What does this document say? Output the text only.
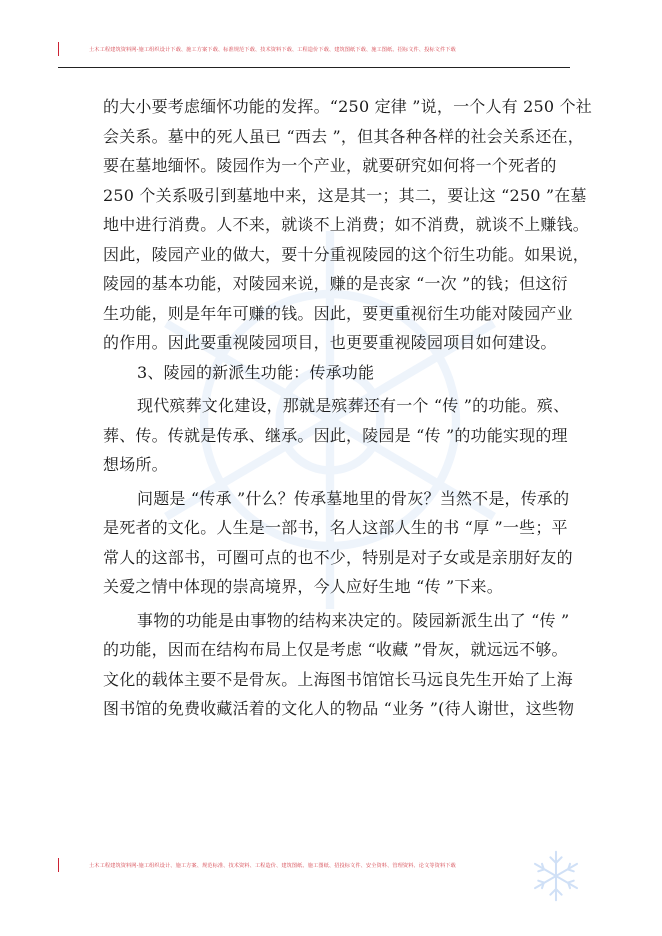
土木工程建筑资料网-施工组织设计下载、施工方案下载、标准规范下载、技术资料下载、工程造价下载、建筑图纸下载、施工图纸、招标文件、投标文件下载
的大小要考虑缅怀功能的发挥。“250 定律 ”说，一个人有 250 个社
会关系。墓中的死人虽已 “西去 ”，但其各种各样的社会关系还在，
要在墓地缅怀。陵园作为一个产业，就要研究如何将一个死者的
250 个关系吸引到墓地中来，这是其一；其二，要让这 “250 ”在墓
地中进行消费。人不来，就谈不上消费；如不消费，就谈不上赚钱。
因此，陵园产业的做大，要十分重视陵园的这个衍生功能。如果说，
陵园的基本功能，对陵园来说，赚的是丧家 “一次 ”的钱；但这衍
生功能，则是年年可赚的钱。因此，要更重视衍生功能对陵园产业
的作用。因此要重视陵园项目，也更要重视陵园项目如何建设。
3、陵园的新派生功能：传承功能
现代殡葬文化建设，那就是殡葬还有一个 “传 ”的功能。殡、
葬、传。传就是传承、继承。因此，陵园是 “传 ”的功能实现的理
想场所。
问题是 “传承 ”什么？传承墓地里的骨灰？当然不是，传承的
是死者的文化。人生是一部书，名人这部人生的书 “厚 ”一些；平
常人的这部书，可圈可点的也不少，特别是对子女或是亲朋好友的
关爱之情中体现的崇高境界，今人应好生地 “传 ”下来。
事物的功能是由事物的结构来决定的。陵园新派生出了 “传 ”
的功能，因而在结构布局上仅是考虑 “收藏 ”骨灰，就远远不够。
文化的载体主要不是骨灰。上海图书馆馆长马远良先生开始了上海
图书馆的免费收藏活着的文化人的物品 “业务 ”(待人谢世，这些物
土木工程建筑资料网-施工组织设计、施工方案、规范标准、技术资料、工程造价、建筑图纸、施工图纸、招投标文件、安全资料、管理资料、论文等资料下载
